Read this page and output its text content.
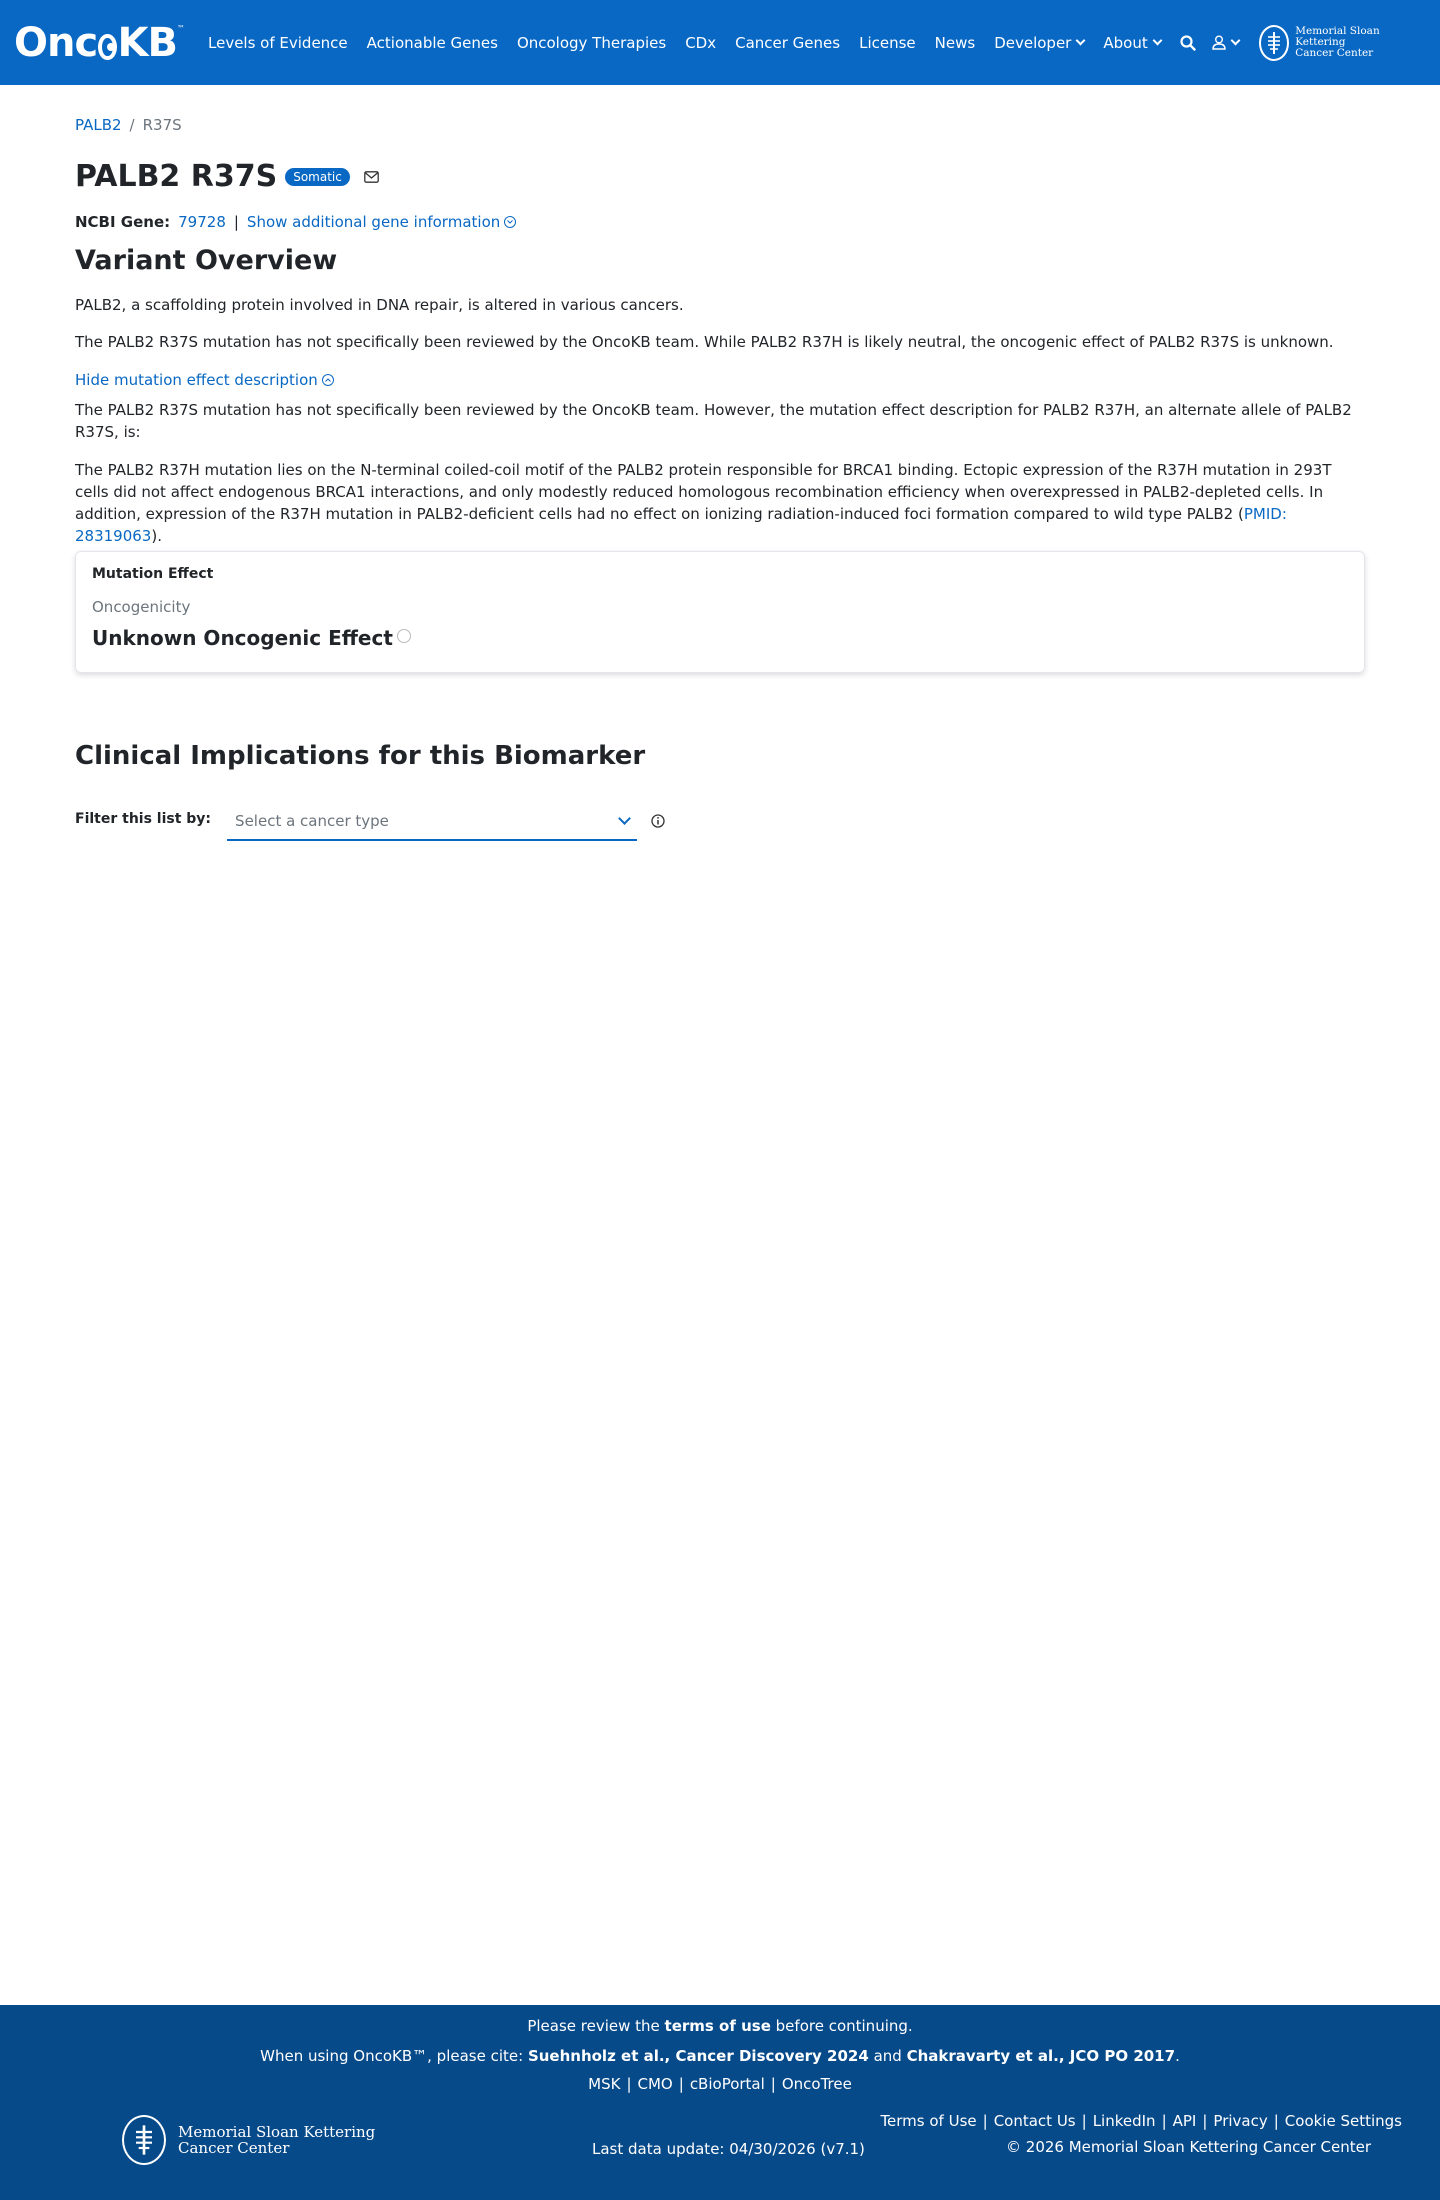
Onc KB ™
Levels of Evidence Actionable Genes Oncology Therapies CDx Cancer Genes License News Developer About
Memorial Sloan Kettering
Cancer Center
PALB2 / R37S
PALB2 R37S	Somatic
NCBI Gene: 79728 | Show additional gene information
Variant Overview

PALB2, a scaffolding protein involved in DNA repair, is altered in various cancers.

The PALB2 R37S mutation has not specifically been reviewed by the OncoKB team. While PALB2 R37H is likely neutral, the oncogenic effect of PALB2 R37S is unknown.

Hide mutation effect description

The PALB2 R37S mutation has not specifically been reviewed by the OncoKB team. However, the mutation effect description for PALB2 R37H, an alternate allele of PALB2 R37S, is:

The PALB2 R37H mutation lies on the N-terminal coiled-coil motif of the PALB2 protein responsible for BRCA1 binding. Ectopic expression of the R37H mutation in 293T cells did not affect endogenous BRCA1 interactions, and only modestly reduced homologous recombination efficiency when overexpressed in PALB2-depleted cells. In addition, expression of the R37H mutation in PALB2-deficient cells had no effect on ionizing radiation-induced foci formation compared to wild type PALB2 (PMID: 28319063).

Mutation Effect
Oncogenicity
Unknown Oncogenic Effect
Clinical Implications for this Biomarker
Filter this list by: Select a cancer type
Please review the terms of use before continuing.
When using OncoKB™, please cite: Suehnholz et al., Cancer Discovery 2024 and Chakravarty et al., JCO PO 2017.
MSK | CMO | cBioPortal | OncoTree
Memorial Sloan Kettering
Cancer Center	Last data update: 04/30/2026 (v7.1)
Terms of Use | Contact Us | LinkedIn | API | Privacy | Cookie Settings
© 2026 Memorial Sloan Kettering Cancer Center
